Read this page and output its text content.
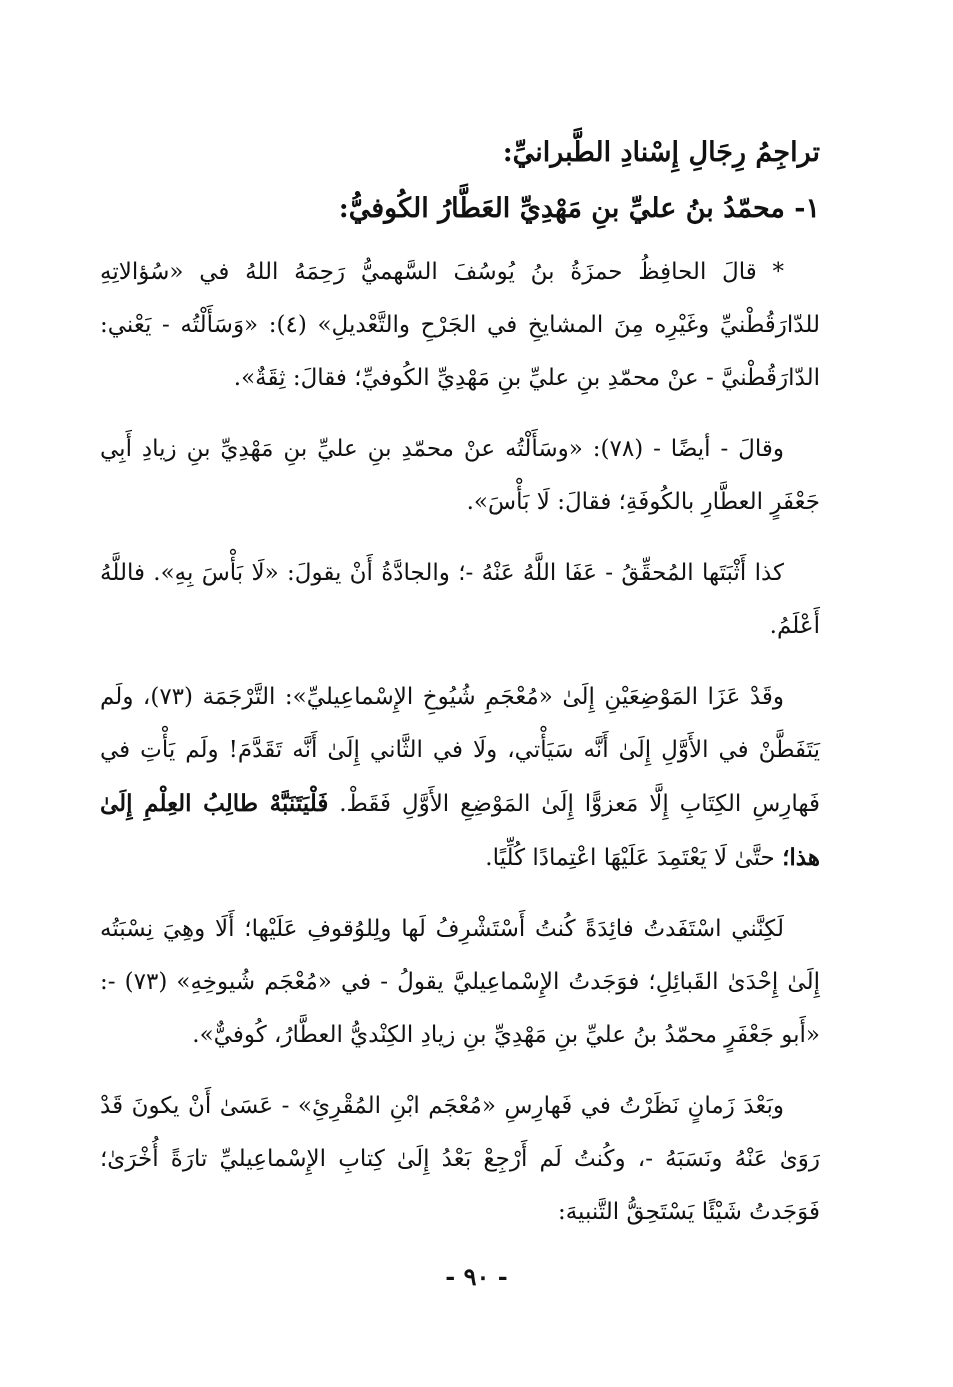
تراجِمُ رِجَالِ إِسْنادِ الطَّبرانيِّ:
١- محمّدُ بنُ عليِّ بنِ مَهْدِيِّ العَطَّارُ الكُوفيُّ:

* قالَ الحافِظُ حمزَةُ بنُ يُوسُفَ السَّهميُّ رَحِمَهُ اللهُ في «سُؤالاتِهِ للدّارَقُطْنيِّ وغَيْرِه مِنَ المشايخِ في الجَرْحِ والتَّعْديلِ» (٤): «وَسَأَلْتُه - يَعْني: الدّارَقُطْنيَّ - عنْ محمّدِ بنِ عليِّ بنِ مَهْدِيِّ الكُوفيِّ؛ فقالَ: ثِقَةٌ».

وقالَ - أيضًا - (٧٨): «وسَأَلْتُه عنْ محمّدِ بنِ عليِّ بنِ مَهْدِيِّ بنِ زيادِ أَبِي جَعْفَرٍ العطَّارِ بالكُوفَةِ؛ فقالَ: لَا بَأْسَ».

كذا أَثْبَتَها المُحقِّقُ - عَفَا اللَّهُ عَنْهُ -؛ والجادَّةُ أَنْ يقولَ: «لَا بَأْسَ بِهِ». فاللَّهُ أَعْلَمُ.

وقَدْ عَزَا المَوْضِعَيْنِ إِلَىٰ «مُعْجَمِ شُيُوخِ الإِسْماعِيليِّ»: التَّرْجَمَة (٧٣)، ولَم يَتَفَطَّنْ في الأَوَّلِ إِلَىٰ أَنَّه سَيَأْتي، ولَا في الثَّاني إِلَىٰ أَنَّه تَقَدَّمَ! ولَم يَأْتِ في فَهارِسِ الكِتَابِ إِلَّا مَعزوًّا إِلَىٰ المَوْضِعِ الأَوَّلِ فَقَطْ. فَلْيَتَنَبَّهْ طالِبُ العِلْمِ إِلَىٰ هذا؛ حتَّىٰ لَا يَعْتَمِدَ عَلَيْهَا اعْتِمادًا كُلِّيًا.

لَكِنَّني اسْتَفَدتُ فائِدَةً كُنتُ أَسْتَشْرِفُ لَها ولِلوُقوفِ عَلَيْها؛ أَلَا وهِيَ نِسْبَتُه إِلَىٰ إِحْدَىٰ القَبائِلِ؛ فوَجَدتُ الإِسْماعِيليَّ يقولُ - في «مُعْجَم شُيوخِهِ» (٧٣) -: «أَبو جَعْفَرٍ محمّدُ بنُ عليِّ بنِ مَهْدِيِّ بنِ زيادِ الكِنْديُّ العطَّارُ، كُوفيٌّ».

وبَعْدَ زَمانٍ نَظَرْتُ في فَهارِسِ «مُعْجَم ابْنِ المُقْرِئِ» - عَسَىٰ أَنْ يكونَ قَدْ رَوَىٰ عَنْهُ ونَسَبَهُ -، وكُنتُ لَم أَرْجِعْ بَعْدُ إِلَىٰ كِتابِ الإِسْماعِيليِّ تارَةً أُخْرَىٰ؛ فَوَجَدتُ شَيْئًا يَسْتَحِقُّ التَّنبيهَ:

- ٩٠ -
